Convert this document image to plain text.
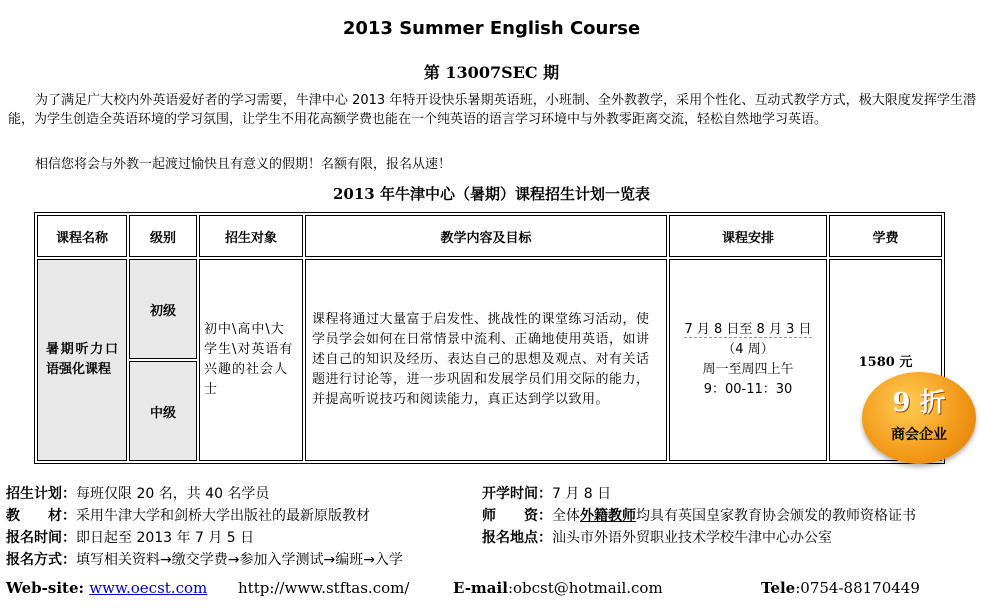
2013 Summer English Course
第 13007SEC 期

为了满足广大校内外英语爱好者的学习需要，牛津中心 2013 年特开设快乐暑期英语班，小班制、全外教教学，采用个性化、互动式教学方式，极大限度发挥学生潜能，为学生创造全英语环境的学习氛围，让学生不用花高额学费也能在一个纯英语的语言学习环境中与外教零距离交流，轻松自然地学习英语。

相信您将会与外教一起渡过愉快且有意义的假期！名额有限，报名从速！

2013 年牛津中心（暑期）课程招生计划一览表
课程名称	级别	招生对象	教学内容及目标	课程安排	学费
暑期听力口语强化课程	初级	初中\高中\大学生\对英语有兴趣的社会人士	课程将通过大量富于启发性、挑战性的课堂练习活动，使学员学会如何在日常情景中流利、正确地使用英语，如讲述自己的知识及经历、表达自己的思想及观点、对有关话题进行讨论等，进一步巩固和发展学员们用交际的能力，并提高听说技巧和阅读能力，真正达到学以致用。	7 月 8 日至 8 月 3 日
（4 周）
周一至周四上午
9：00-11：30	1580 元
	中级					9 折
商会企业
招生计划：每班仅限 20 名，共 40 名学员
教　　材：采用牛津大学和剑桥大学出版社的最新原版教材
报名时间：即日起至 2013 年 7 月 5 日
报名方式：填写相关资料→缴交学费→参加入学测试→编班→入学
开学时间：7 月 8 日
师　　资：全体外籍教师均具有英国皇家教育协会颁发的教师资格证书
报名地点：汕头市外语外贸职业技术学校牛津中心办公室
Web-site: www.oecst.com http://www.stftas.com/	E-mail: obcst@hotmail.com	Tele: 0754-88170449
